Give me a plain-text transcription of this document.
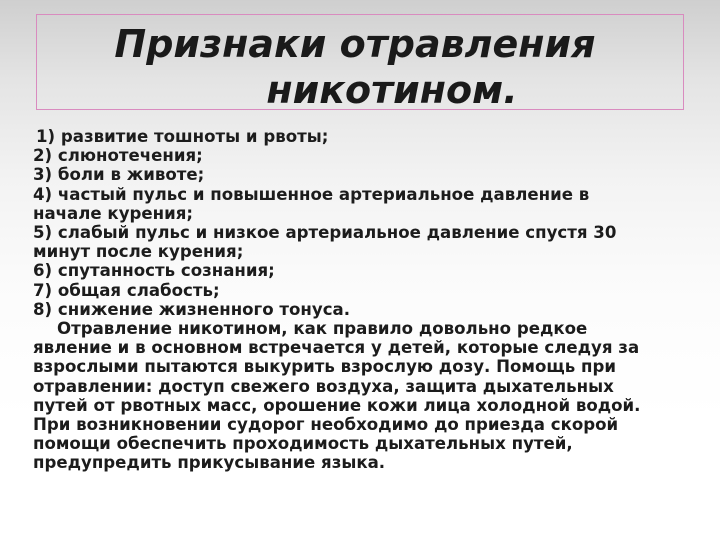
Признаки отравления
никотином.
1) развитие тошноты и рвоты;
2) слюнотечения;
3) боли в животе;
4) частый пульс и повышенное артериальное давление в
начале курения;
5) слабый пульс и низкое артериальное давление спустя 30
минут после курения;
6) спутанность сознания;
7) общая слабость;
8) снижение жизненного тонуса.
Отравление никотином, как правило довольно редкое
явление и в основном встречается у детей, которые следуя за
взрослыми пытаются выкурить взрослую дозу. Помощь при
отравлении: доступ свежего воздуха, защита дыхательных
путей от рвотных масс, орошение кожи лица холодной водой.
При возникновении судорог необходимо до приезда скорой
помощи обеспечить проходимость дыхательных путей,
предупредить прикусывание языка.
